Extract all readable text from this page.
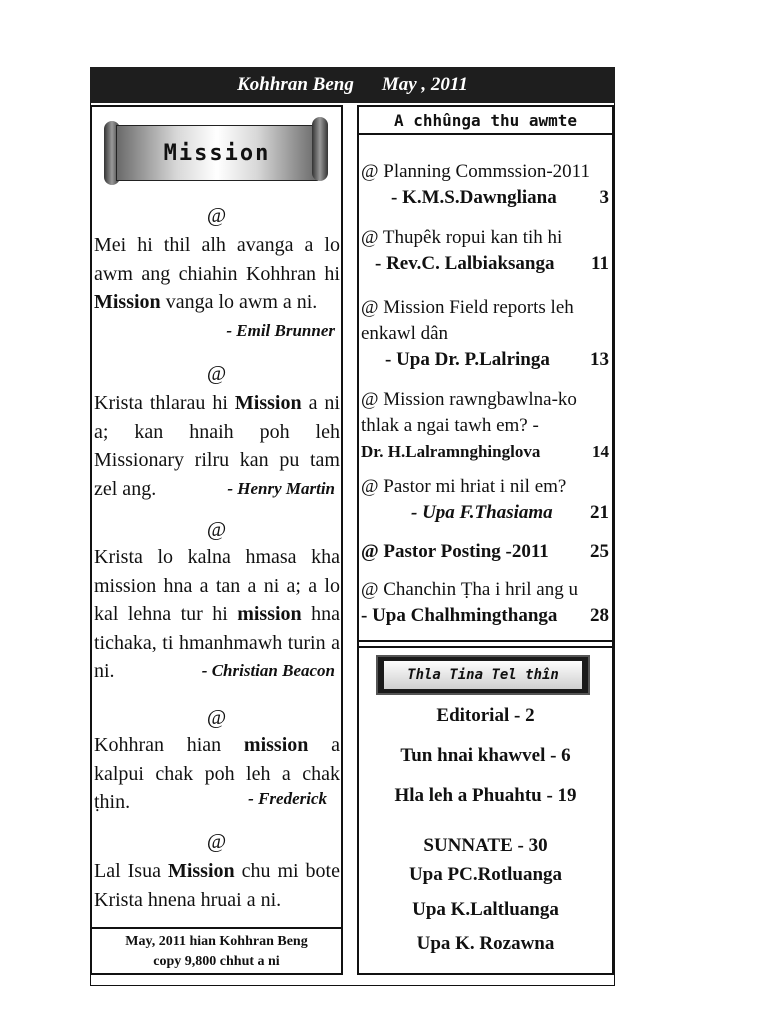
Kohhran Beng May , 2011
Mission
@
Mei hi thil alh avanga a lo awm ang chiahin Kohhran hi Mission vanga lo awm a ni.
- Emil Brunner
@
Krista thlarau hi Mission a ni a; kan hnaih poh leh Missionary rilru kan pu tam zel ang.	- Henry Martin
@
Krista lo kalna hmasa kha mission hna a tan a ni a; a lo kal lehna tur hi mission hna tichaka, ti hmanhmawh turin a ni.	- Christian Beacon
@
Kohhran hian mission a kalpui chak poh leh a chak ṭhin.	- Frederick
@
Lal Isua Mission chu mi bote Krista hnena hruai a ni.
May, 2011 hian Kohhran Beng
copy 9,800 chhut a ni
A chhûnga thu awmte
@ Planning Commssion-2011
- K.M.S.Dawngliana 3
@ Thupêk ropui kan tih hi
- Rev.C. Lalbiaksanga 11
@ Mission Field reports leh enkawl dân
- Upa Dr. P.Lalringa 13
@ Mission rawngbawlna-ko thlak a ngai tawh em? -
Dr. H.Lalramnghinglova	14
@ Pastor mi hriat i nil em?
- Upa F.Thasiama 21
@ Pastor Posting -2011 25
@ Chanchin Ṭha i hril ang u
- Upa Chalhmingthanga 28
Thla Tina Tel thîn
Editorial - 2
Tun hnai khawvel - 6
Hla leh a Phuahtu - 19
SUNNATE - 30
Upa PC.Rotluanga
Upa K.Laltluanga
Upa K. Rozawna
